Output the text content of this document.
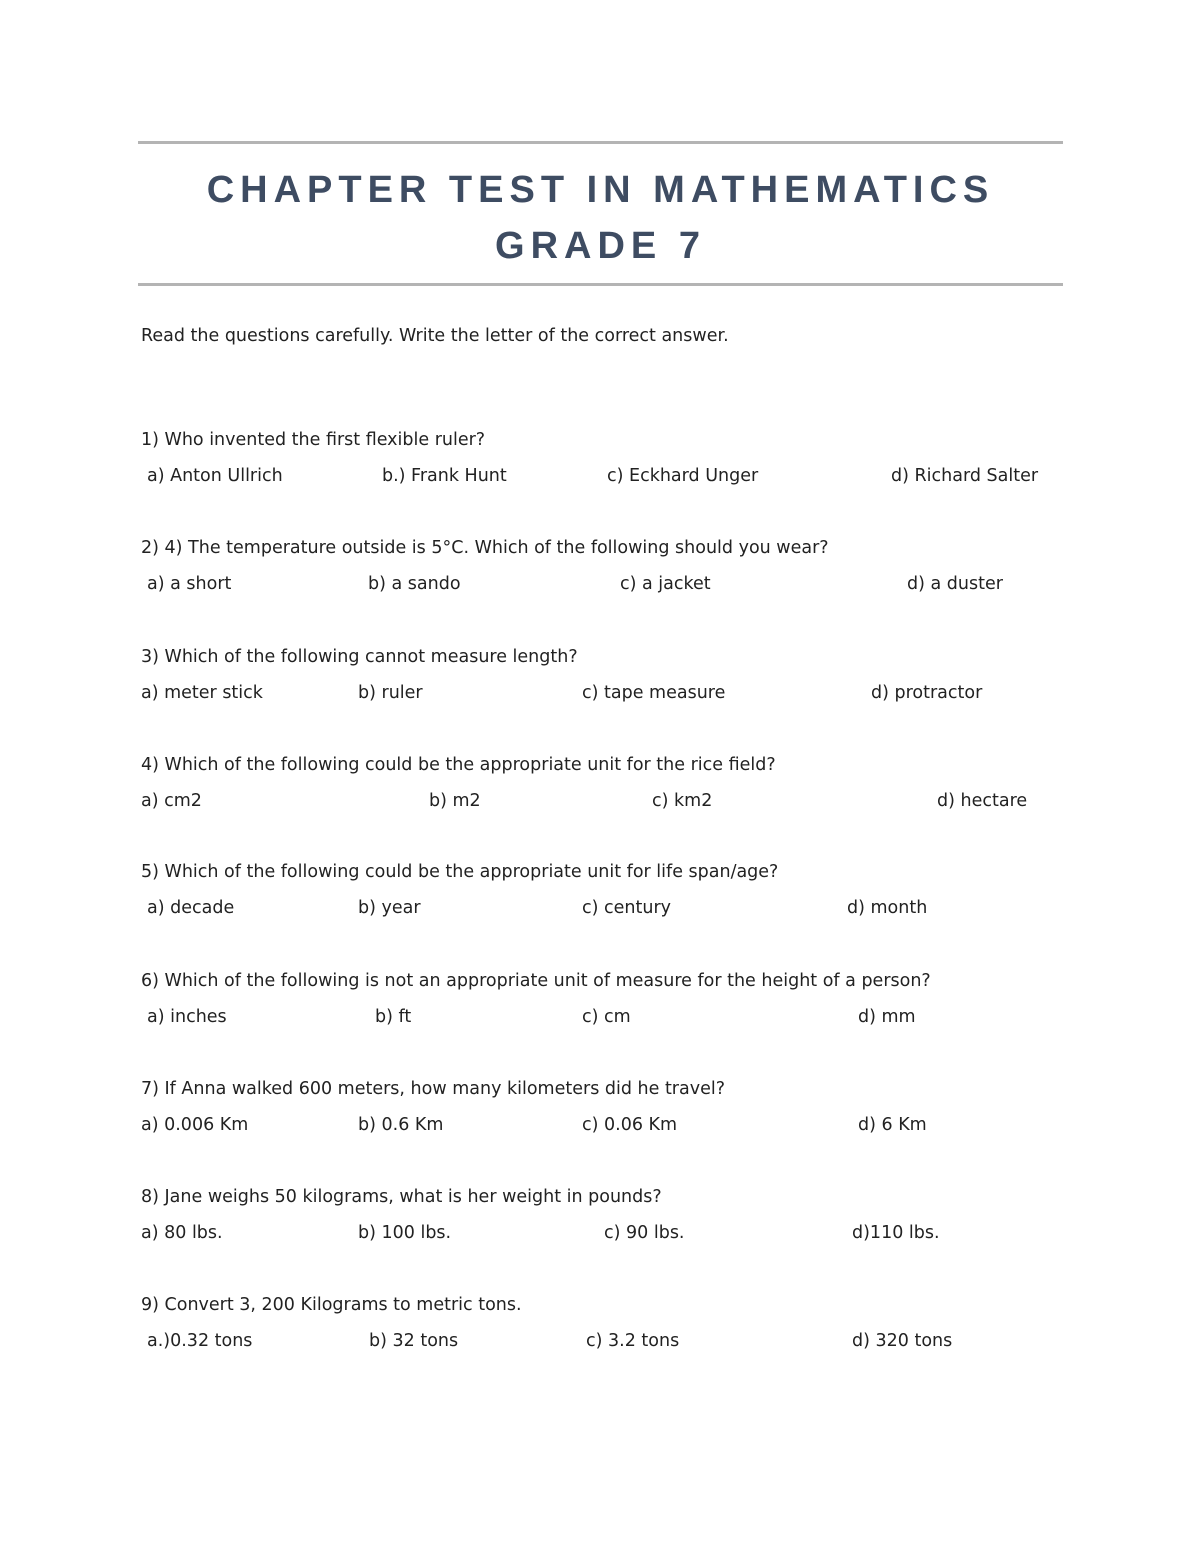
CHAPTER TEST IN MATHEMATICS
GRADE 7
Read the questions carefully. Write the letter of the correct answer.
1) Who invented the first flexible ruler?
a) Anton Ullrich	b.) Frank Hunt	c) Eckhard Unger	d) Richard Salter
2) 4) The temperature outside is 5°C. Which of the following should you wear?
a) a short	b) a sando	c) a jacket	d) a duster
3) Which of the following cannot measure length?
a) meter stick	b) ruler	c) tape measure	d) protractor
4) Which of the following could be the appropriate unit for the rice field?
a) cm2	b) m2	c) km2	d) hectare
5) Which of the following could be the appropriate unit for life span/age?
a) decade	b) year	c) century	d) month
6) Which of the following is not an appropriate unit of measure for the height of a person?
a) inches	b) ft	c) cm	d) mm
7) If Anna walked 600 meters, how many kilometers did he travel?
a) 0.006 Km	b) 0.6 Km	c) 0.06 Km	d) 6 Km
8) Jane weighs 50 kilograms, what is her weight in pounds?
a) 80 lbs.	b) 100 lbs.	c) 90 lbs.	d)110 lbs.
9) Convert 3, 200 Kilograms to metric tons.
a.)0.32 tons	b) 32 tons	c) 3.2 tons	d) 320 tons
